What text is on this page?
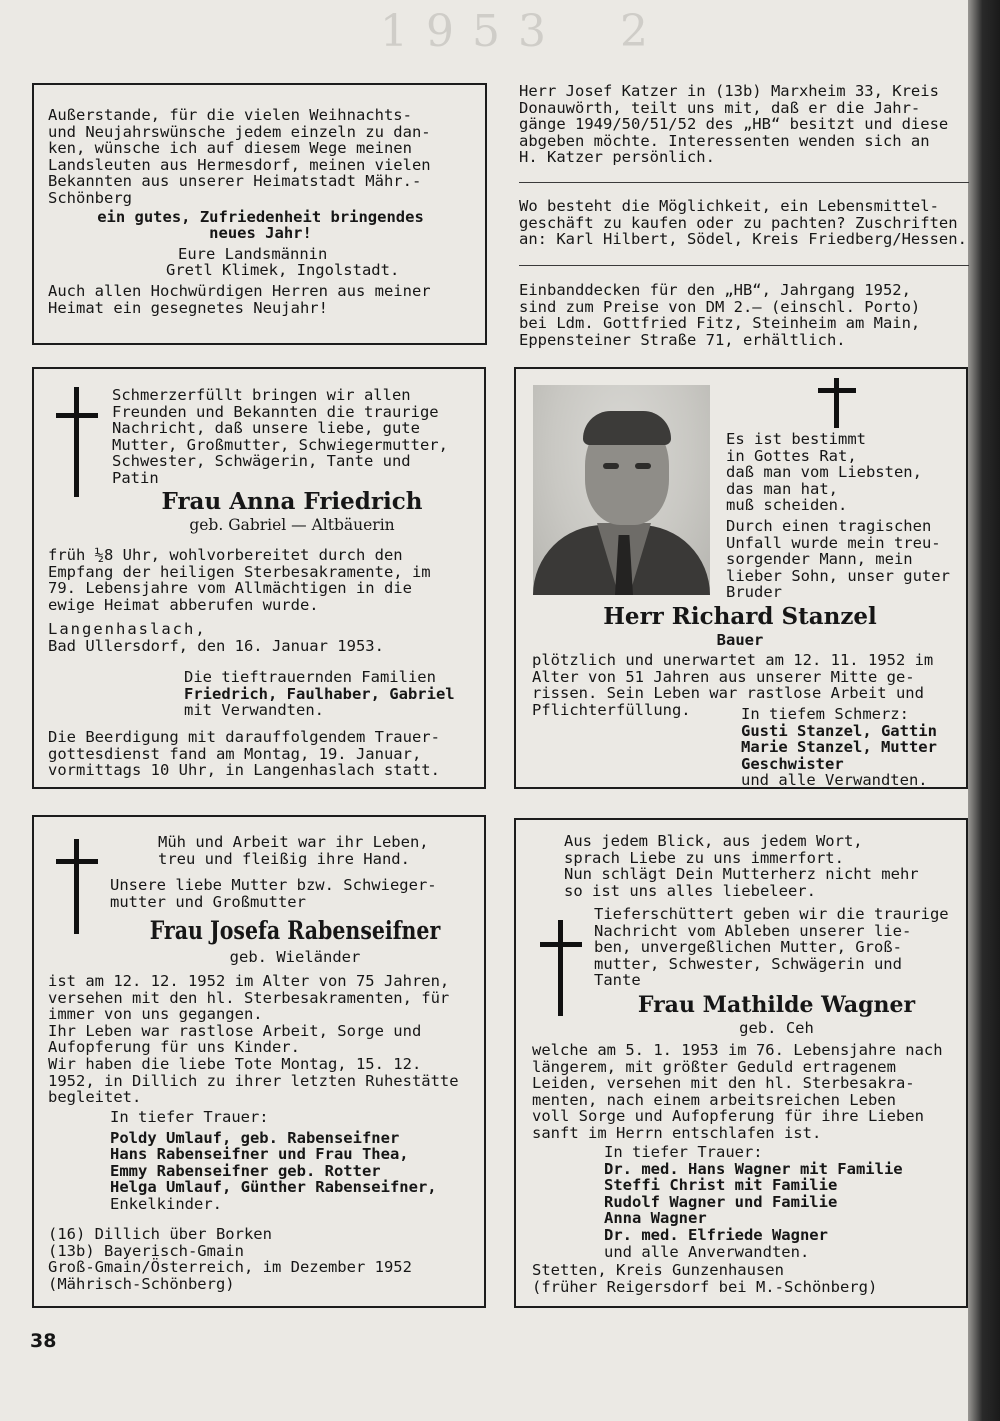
1953 2

Außerstande, für die vielen Weihnachts-

und Neujahrswünsche jedem einzeln zu dan-

ken, wünsche ich auf diesem Wege meinen

Landsleuten aus Hermesdorf, meinen vielen

Bekannten aus unserer Heimatstadt Mähr.-

Schönberg

ein gutes, Zufriedenheit bringendes

neues Jahr!

Eure Landsmännin

Gretl Klimek, Ingolstadt.

Auch allen Hochwürdigen Herren aus meiner

Heimat ein gesegnetes Neujahr!

Herr Josef Katzer in (13b) Marxheim 33, Kreis

Donauwörth, teilt uns mit, daß er die Jahr-

gänge 1949/50/51/52 des „HB“ besitzt und diese

abgeben möchte. Interessenten wenden sich an

H. Katzer persönlich.

Wo besteht die Möglichkeit, ein Lebensmittel-

geschäft zu kaufen oder zu pachten? Zuschriften

an: Karl Hilbert, Södel, Kreis Friedberg/Hessen.

Einbanddecken für den „HB“, Jahrgang 1952,

sind zum Preise von DM 2.— (einschl. Porto)

bei Ldm. Gottfried Fitz, Steinheim am Main,

Eppensteiner Straße 71, erhältlich.

Schmerzerfüllt bringen wir allen

Freunden und Bekannten die traurige

Nachricht, daß unsere liebe, gute

Mutter, Großmutter, Schwiegermutter,

Schwester, Schwägerin, Tante und

Patin

Frau Anna Friedrich

geb. Gabriel — Altbäuerin

früh ½8 Uhr, wohlvorbereitet durch den

Empfang der heiligen Sterbesakramente, im

79. Lebensjahre vom Allmächtigen in die

ewige Heimat abberufen wurde.

Langenhaslach,

Bad Ullersdorf, den 16. Januar 1953.

Die tieftrauernden Familien

Friedrich, Faulhaber, Gabriel

mit Verwandten.

Die Beerdigung mit darauffolgendem Trauer-

gottesdienst fand am Montag, 19. Januar,

vormittags 10 Uhr, in Langenhaslach statt.

Es ist bestimmt

in Gottes Rat,

daß man vom Liebsten,

das man hat,

muß scheiden.

Durch einen tragischen

Unfall wurde mein treu-

sorgender Mann, mein

lieber Sohn, unser guter

Bruder

Herr Richard Stanzel

Bauer

plötzlich und unerwartet am 12. 11. 1952 im

Alter von 51 Jahren aus unserer Mitte ge-

rissen. Sein Leben war rastlose Arbeit und

Pflichterfüllung.	In tiefem Schmerz:

Gusti Stanzel, Gattin

Marie Stanzel, Mutter

Geschwister

und alle Verwandten.

Müh und Arbeit war ihr Leben,

treu und fleißig ihre Hand.

Unsere liebe Mutter bzw. Schwieger-

mutter und Großmutter

Frau Josefa Rabenseifner

geb. Wieländer

ist am 12. 12. 1952 im Alter von 75 Jahren,

versehen mit den hl. Sterbesakramenten, für

immer von uns gegangen.

Ihr Leben war rastlose Arbeit, Sorge und

Aufopferung für uns Kinder.

Wir haben die liebe Tote Montag, 15. 12.

1952, in Dillich zu ihrer letzten Ruhestätte

begleitet.

In tiefer Trauer:

Poldy Umlauf, geb. Rabenseifner

Hans Rabenseifner und Frau Thea,

Emmy Rabenseifner geb. Rotter

Helga Umlauf, Günther Rabenseifner,

Enkelkinder.

(16) Dillich über Borken

(13b) Bayerisch-Gmain

Groß-Gmain/Österreich, im Dezember 1952

(Mährisch-Schönberg)

Aus jedem Blick, aus jedem Wort,

sprach Liebe zu uns immerfort.

Nun schlägt Dein Mutterherz nicht mehr

so ist uns alles liebeleer.

Tieferschüttert geben wir die traurige

Nachricht vom Ableben unserer lie-

ben, unvergeßlichen Mutter, Groß-

mutter, Schwester, Schwägerin und

Tante

Frau Mathilde Wagner

geb. Ceh

welche am 5. 1. 1953 im 76. Lebensjahre nach

längerem, mit größter Geduld ertragenem

Leiden, versehen mit den hl. Sterbesakra-

menten, nach einem arbeitsreichen Leben

voll Sorge und Aufopferung für ihre Lieben

sanft im Herrn entschlafen ist.

In tiefer Trauer:

Dr. med. Hans Wagner mit Familie

Steffi Christ mit Familie

Rudolf Wagner und Familie

Anna Wagner

Dr. med. Elfriede Wagner

und alle Anverwandten.

Stetten, Kreis Gunzenhausen

(früher Reigersdorf bei M.-Schönberg)

38
